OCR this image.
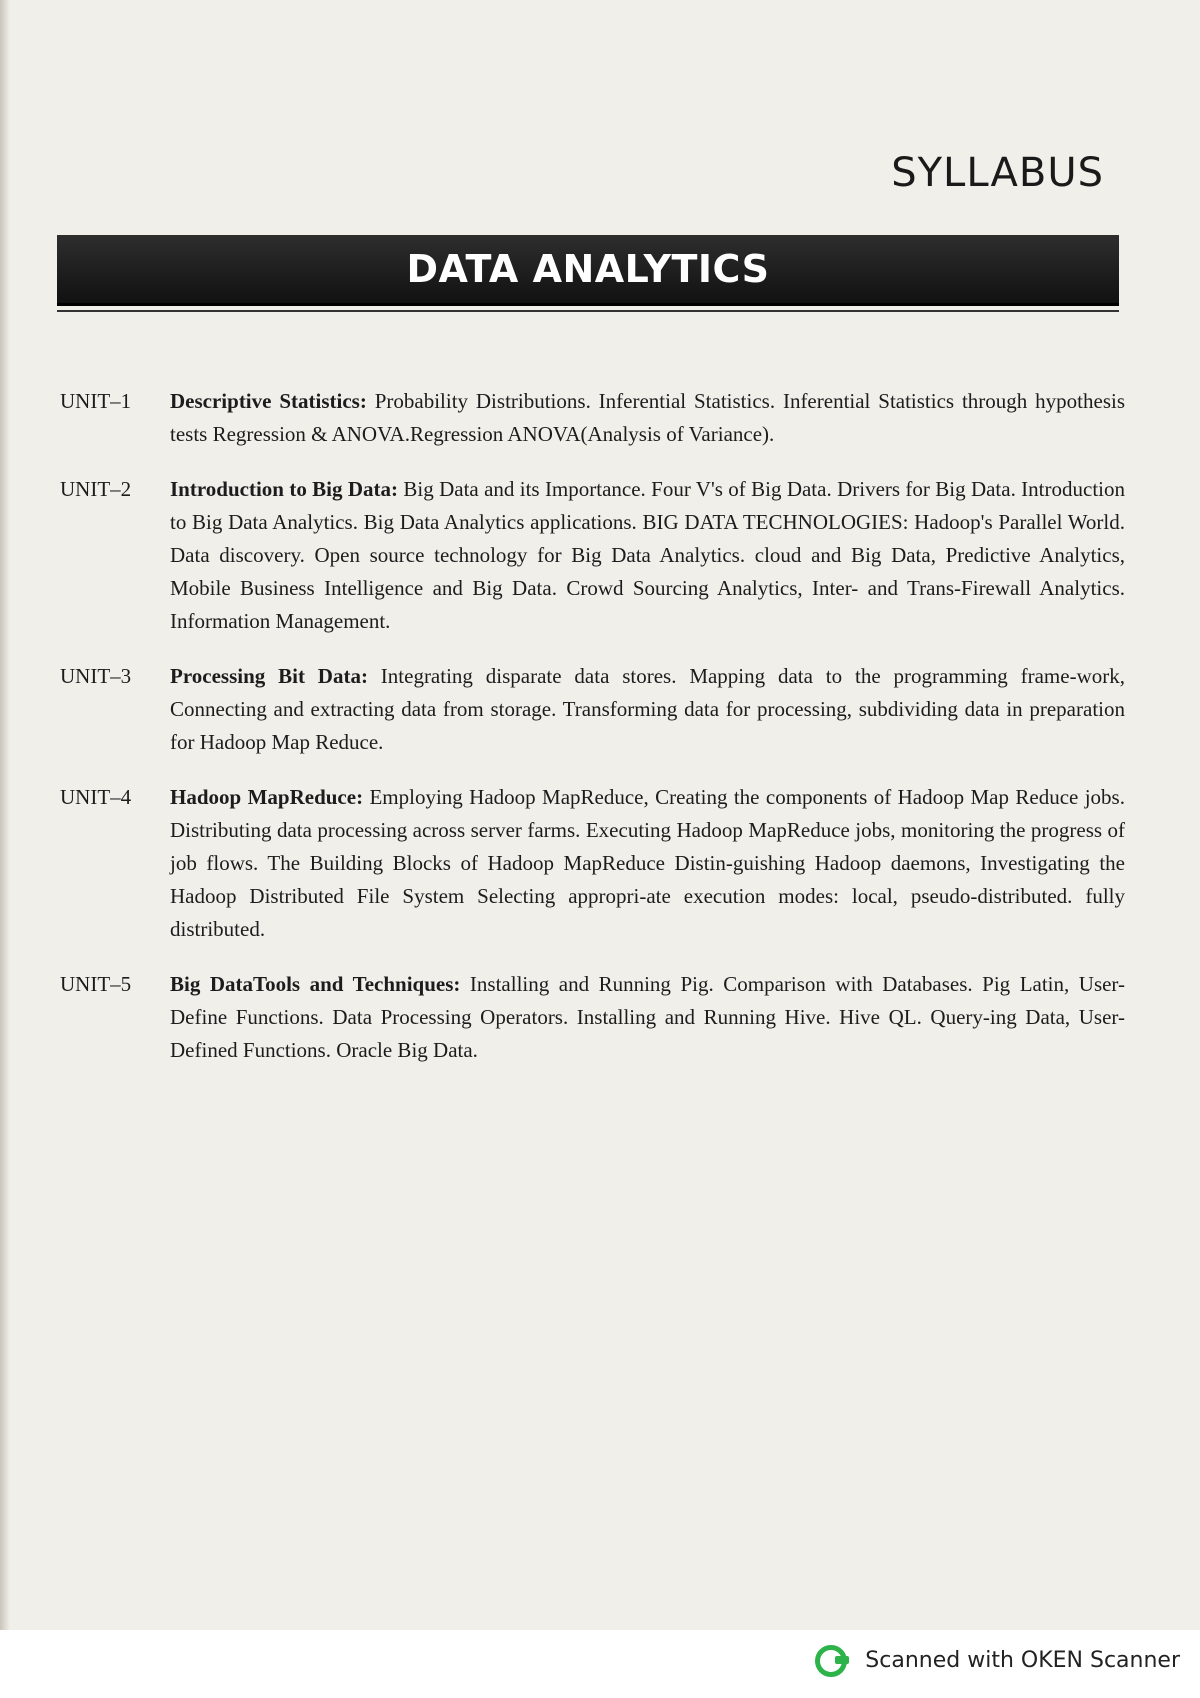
SYLLABUS
DATA ANALYTICS
UNIT–1	Descriptive Statistics: Probability Distributions. Inferential Statistics. Inferential Statistics through hypothesis tests Regression & ANOVA.Regression ANOVA(Analysis of Variance).
UNIT–2	Introduction to Big Data: Big Data and its Importance. Four V's of Big Data. Drivers for Big Data. Introduction to Big Data Analytics. Big Data Analytics applications. BIG DATA TECHNOLOGIES: Hadoop's Parallel World. Data discovery. Open source technology for Big Data Analytics. cloud and Big Data, Predictive Analytics, Mobile Business Intelligence and Big Data. Crowd Sourcing Analytics, Inter- and Trans-Firewall Analytics. Information Management.
UNIT–3	Processing Bit Data: Integrating disparate data stores. Mapping data to the programming frame-work, Connecting and extracting data from storage. Transforming data for processing, subdividing data in preparation for Hadoop Map Reduce.
UNIT–4	Hadoop MapReduce: Employing Hadoop MapReduce, Creating the components of Hadoop Map Reduce jobs. Distributing data processing across server farms. Executing Hadoop MapReduce jobs, monitoring the progress of job flows. The Building Blocks of Hadoop MapReduce Distin-guishing Hadoop daemons, Investigating the Hadoop Distributed File System Selecting appropri-ate execution modes: local, pseudo-distributed. fully distributed.
UNIT–5	Big DataTools and Techniques: Installing and Running Pig. Comparison with Databases. Pig Latin, User- Define Functions. Data Processing Operators. Installing and Running Hive. Hive QL. Query-ing Data, User-Defined Functions. Oracle Big Data.
Scanned with OKEN Scanner
